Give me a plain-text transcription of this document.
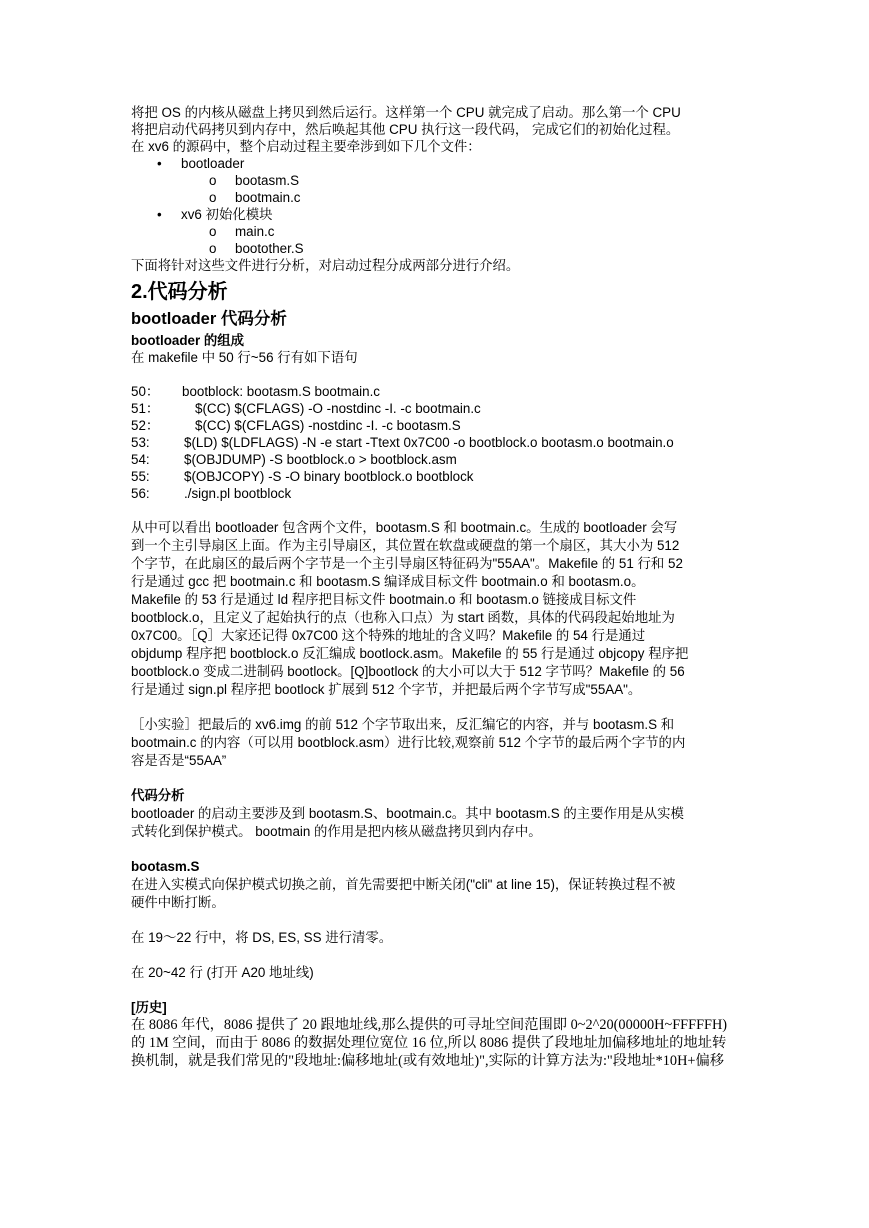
将把 OS 的内核从磁盘上拷贝到然后运行。这样第一个 CPU 就完成了启动。那么第一个 CPU
将把启动代码拷贝到内存中，然后唤起其他 CPU 执行这一段代码， 完成它们的初始化过程。
在 xv6 的源码中，整个启动过程主要牵涉到如下几个文件：
• bootloader
o bootasm.S
o bootmain.c
• xv6 初始化模块
o main.c
o bootother.S
下面将针对这些文件进行分析，对启动过程分成两部分进行介绍。
2.代码分析
bootloader 代码分析
bootloader 的组成
在 makefile 中 50 行~56 行有如下语句
50： bootblock: bootasm.S bootmain.c
51：	$(CC) $(CFLAGS) -O -nostdinc -I. -c bootmain.c
52：	$(CC) $(CFLAGS) -nostdinc -I. -c bootasm.S
53:	$(LD) $(LDFLAGS) -N -e start -Ttext 0x7C00 -o bootblock.o bootasm.o bootmain.o
54:	$(OBJDUMP) -S bootblock.o > bootblock.asm
55:	$(OBJCOPY) -S -O binary bootblock.o bootblock
56:	./sign.pl bootblock
从中可以看出 bootloader 包含两个文件，bootasm.S 和 bootmain.c。生成的 bootloader 会写
到一个主引导扇区上面。作为主引导扇区，其位置在软盘或硬盘的第一个扇区，其大小为 512
个字节，在此扇区的最后两个字节是一个主引导扇区特征码为"55AA"。Makefile 的 51 行和 52
行是通过 gcc 把 bootmain.c 和 bootasm.S 编译成目标文件 bootmain.o 和 bootasm.o。
Makefile 的 53 行是通过 ld 程序把目标文件 bootmain.o 和 bootasm.o 链接成目标文件
bootblock.o，且定义了起始执行的点（也称入口点）为 start 函数，具体的代码段起始地址为
0x7C00。［Q］大家还记得 0x7C00 这个特殊的地址的含义吗？Makefile 的 54 行是通过
objdump 程序把 bootblock.o 反汇编成 bootlock.asm。Makefile 的 55 行是通过 objcopy 程序把
bootblock.o 变成二进制码 bootlock。[Q]bootlock 的大小可以大于 512 字节吗？Makefile 的 56
行是通过 sign.pl 程序把 bootlock 扩展到 512 个字节，并把最后两个字节写成"55AA"。
［小实验］把最后的 xv6.img 的前 512 个字节取出来，反汇编它的内容，并与 bootasm.S 和
bootmain.c 的内容（可以用 bootblock.asm）进行比较,观察前 512 个字节的最后两个字节的内
容是否是“55AA”
代码分析
bootloader 的启动主要涉及到 bootasm.S、bootmain.c。其中 bootasm.S 的主要作用是从实模
式转化到保护模式。 bootmain 的作用是把内核从磁盘拷贝到内存中。
bootasm.S
在进入实模式向保护模式切换之前，首先需要把中断关闭("cli" at line 15)，保证转换过程不被
硬件中断打断。
在 19～22 行中，将 DS, ES, SS 进行清零。
在 20~42 行 (打开 A20 地址线)
[历史]
在 8086 年代，8086 提供了 20 跟地址线,那么提供的可寻址空间范围即 0~2^20(00000H~FFFFFH)
的 1M 空间，而由于 8086 的数据处理位宽位 16 位,所以 8086 提供了段地址加偏移地址的地址转
换机制，就是我们常见的"段地址:偏移地址(或有效地址)",实际的计算方法为:"段地址*10H+偏移
